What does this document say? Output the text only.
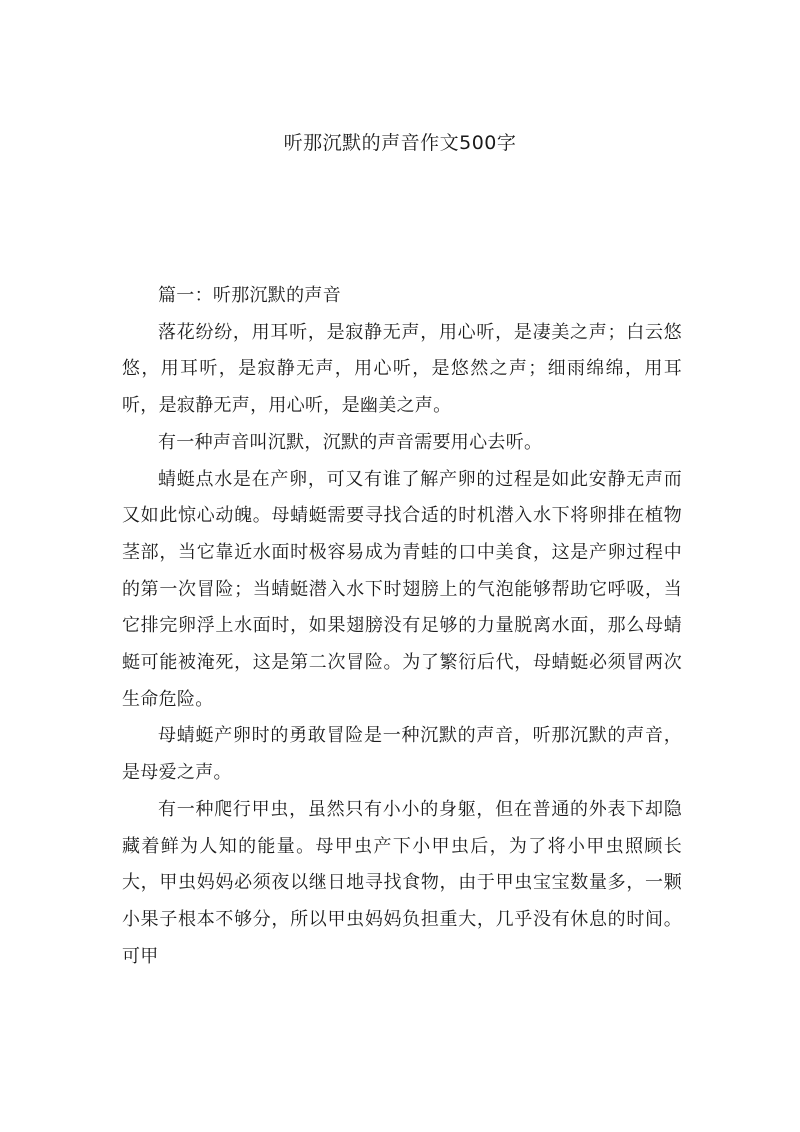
听那沉默的声音作文500字

篇一：听那沉默的声音

落花纷纷，用耳听，是寂静无声，用心听，是凄美之声；白云悠悠，用耳听，是寂静无声，用心听，是悠然之声；细雨绵绵，用耳听，是寂静无声，用心听，是幽美之声。

有一种声音叫沉默，沉默的声音需要用心去听。

蜻蜓点水是在产卵，可又有谁了解产卵的过程是如此安静无声而又如此惊心动魄。母蜻蜓需要寻找合适的时机潜入水下将卵排在植物茎部，当它靠近水面时极容易成为青蛙的口中美食，这是产卵过程中的第一次冒险；当蜻蜓潜入水下时翅膀上的气泡能够帮助它呼吸，当它排完卵浮上水面时，如果翅膀没有足够的力量脱离水面，那么母蜻蜓可能被淹死，这是第二次冒险。为了繁衍后代，母蜻蜓必须冒两次生命危险。

母蜻蜓产卵时的勇敢冒险是一种沉默的声音，听那沉默的声音，是母爱之声。

有一种爬行甲虫，虽然只有小小的身躯，但在普通的外表下却隐藏着鲜为人知的能量。母甲虫产下小甲虫后，为了将小甲虫照顾长大，甲虫妈妈必须夜以继日地寻找食物，由于甲虫宝宝数量多，一颗小果子根本不够分，所以甲虫妈妈负担重大，几乎没有休息的时间。可甲
